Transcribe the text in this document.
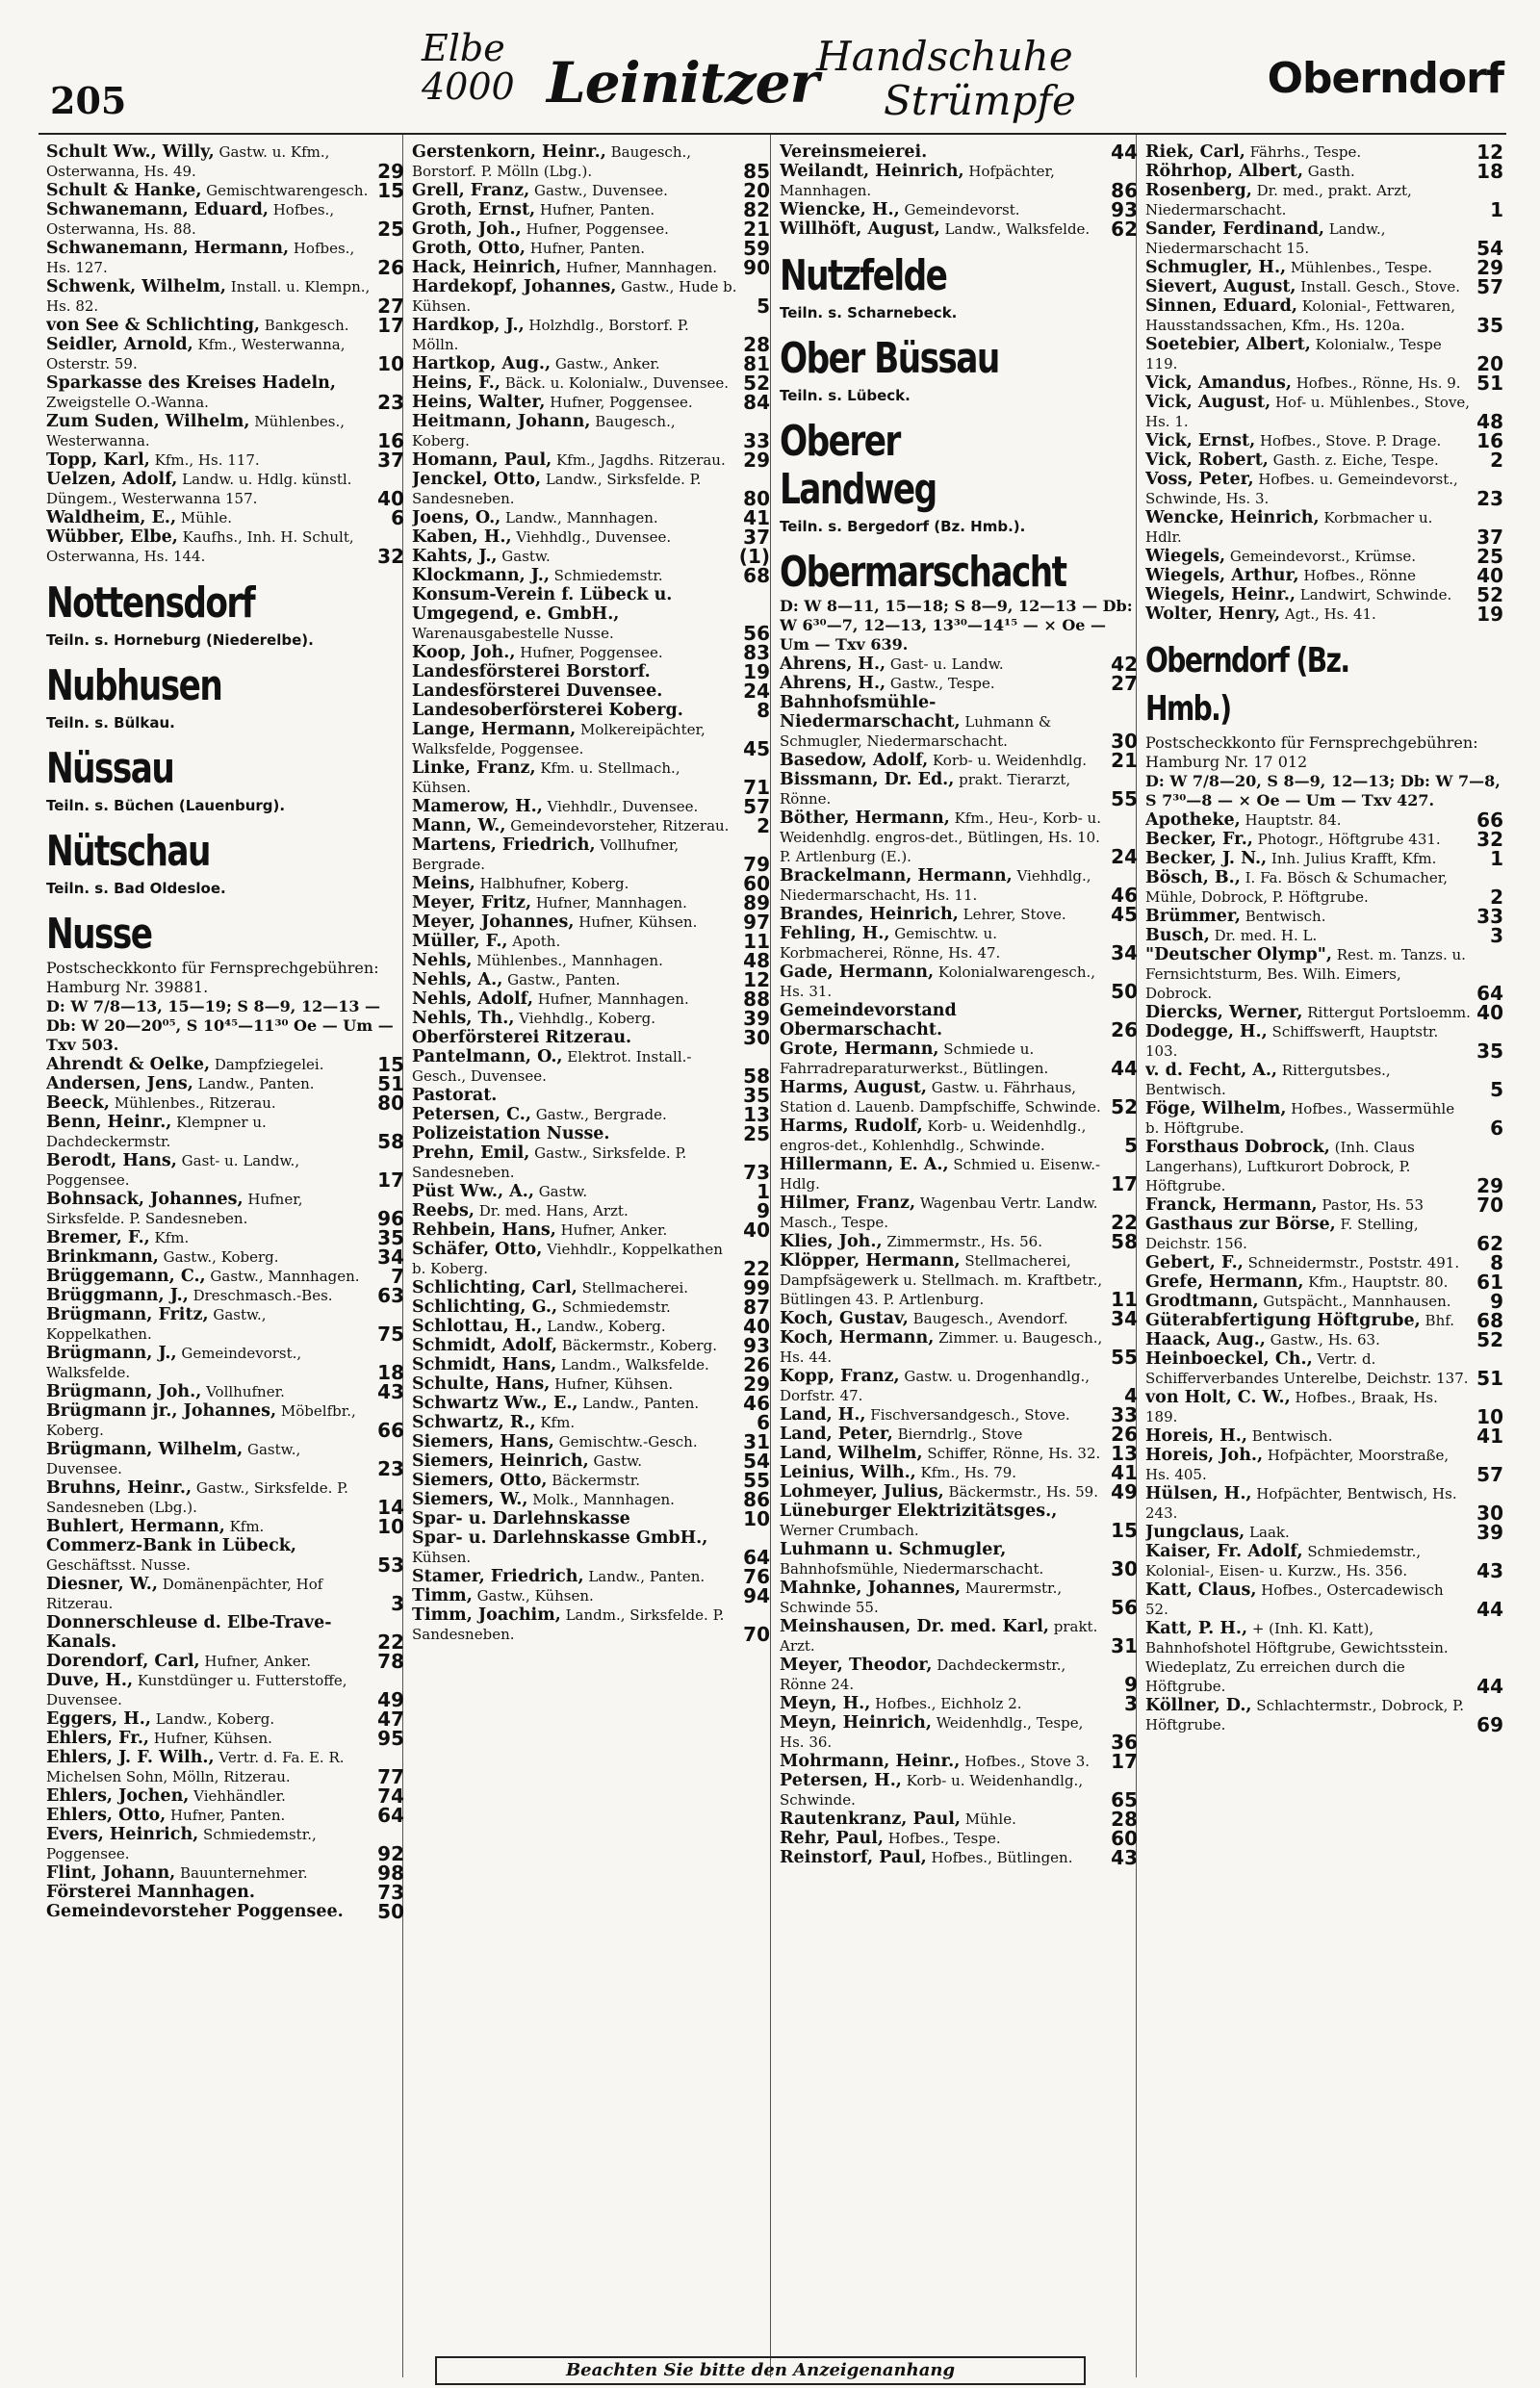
205
Elbe
4000 Leinitzer
Handschuhe
Strümpfe	Oberndorf
Schult Ww., Willy, Gastw. u. Kfm., Osterwanna, Hs. 49.	29
Schult & Hanke, Gemischtwarengesch. 15
Schwanemann, Eduard, Hofbes., Osterwanna, Hs. 88.	25
Schwanemann, Hermann, Hofbes., Hs. 127.	26
Schwenk, Wilhelm, Install. u. Klempn., Hs. 82.	27
von See & Schlichting, Bankgesch. 17
Seidler, Arnold, Kfm., Westerwanna, Osterstr. 59.	10
Sparkasse des Kreises Hadeln, Zweigstelle O.-Wanna.	23
Zum Suden, Wilhelm, Mühlenbes., Westerwanna.	16
Topp, Karl, Kfm., Hs. 117.	37
Uelzen, Adolf, Landw. u. Hdlg. künstl. Düngem., Westerwanna 157.	40
Waldheim, E., Mühle.	6
Wübber, Elbe, Kaufhs., Inh. H. Schult, Osterwanna, Hs. 144.	32
Nottensdorf
Teiln. s. Horneburg (Niederelbe).
Nubhusen
Teiln. s. Bülkau.
Nüssau
Teiln. s. Büchen (Lauenburg).
Nütschau
Teiln. s. Bad Oldesloe.
Nusse
Postscheckkonto für Fernsprechgebühren: Hamburg Nr. 39881.
D: W 7/8—13, 15—19; S 8—9, 12—13 — Db: W 20—20⁰⁵, S 10⁴⁵—11³⁰ Oe — Um — Txv 503.
Ahrendt & Oelke, Dampfziegelei.	15
Andersen, Jens, Landw., Panten.	51
Beeck, Mühlenbes., Ritzerau.	80
Benn, Heinr., Klempner u. Dachdeckermstr.	58
Berodt, Hans, Gast- u. Landw., Poggensee.	17
Bohnsack, Johannes, Hufner, Sirksfelde. P. Sandesneben.	96
Bremer, F., Kfm.	35
Brinkmann, Gastw., Koberg.	34
Brüggemann, C., Gastw., Mannhagen. 7
Brüggmann, J., Dreschmasch.-Bes. 63
Brügmann, Fritz, Gastw., Koppelkathen.	75
Brügmann, J., Gemeindevorst., Walksfelde.	18
Brügmann, Joh., Vollhufner.	43
Brügmann jr., Johannes, Möbelfbr., Koberg.	66
Brügmann, Wilhelm, Gastw., Duvensee.	23
Bruhns, Heinr., Gastw., Sirksfelde. P. Sandesneben (Lbg.).	14
Buhlert, Hermann, Kfm.	10
Commerz-Bank in Lübeck, Geschäftsst. Nusse.	53
Diesner, W., Domänenpächter, Hof Ritzerau.	3
Donnerschleuse d. Elbe-Trave-Kanals.	22
Dorendorf, Carl, Hufner, Anker.	78
Duve, H., Kunstdünger u. Futterstoffe, Duvensee.	49
Eggers, H., Landw., Koberg.	47
Ehlers, Fr., Hufner, Kühsen.	95
Ehlers, J. F. Wilh., Vertr. d. Fa. E. R. Michelsen Sohn, Mölln, Ritzerau.	77
Ehlers, Jochen, Viehhändler.	74
Ehlers, Otto, Hufner, Panten.	64
Evers, Heinrich, Schmiedemstr., Poggensee.	92
Flint, Johann, Bauunternehmer.	98
Försterei Mannhagen.	73
Gemeindevorsteher Poggensee. 50
Gerstenkorn, Heinr., Baugesch., Borstorf. P. Mölln (Lbg.).	85
Grell, Franz, Gastw., Duvensee.	20
Groth, Ernst, Hufner, Panten.	82
Groth, Joh., Hufner, Poggensee.	21
Groth, Otto, Hufner, Panten.	59
Hack, Heinrich, Hufner, Mannhagen. 90
Hardekopf, Johannes, Gastw., Hude b. Kühsen.	5
Hardkop, J., Holzhdlg., Borstorf. P. Mölln.	28
Hartkop, Aug., Gastw., Anker.	81
Heins, F., Bäck. u. Kolonialw., Duvensee. 52
Heins, Walter, Hufner, Poggensee.	84
Heitmann, Johann, Baugesch., Koberg.	33
Homann, Paul, Kfm., Jagdhs. Ritzerau. 29
Jenckel, Otto, Landw., Sirksfelde. P. Sandesneben.	80
Joens, O., Landw., Mannhagen.	41
Kaben, H., Viehhdlg., Duvensee.	37
Kahts, J., Gastw.	(1)
Klockmann, J., Schmiedemstr.	68
Konsum-Verein f. Lübeck u. Umgegend, e. GmbH., Warenausgabestelle Nusse.	56
Koop, Joh., Hufner, Poggensee.	83
Landesförsterei Borstorf.	19
Landesförsterei Duvensee.	24
Landesoberförsterei Koberg.	8
Lange, Hermann, Molkereipächter, Walksfelde, Poggensee.	45
Linke, Franz, Kfm. u. Stellmach., Kühsen.	71
Mamerow, H., Viehhdlr., Duvensee. 57
Mann, W., Gemeindevorsteher, Ritzerau. 2
Martens, Friedrich, Vollhufner, Bergrade.	79
Meins, Halbhufner, Koberg.	60
Meyer, Fritz, Hufner, Mannhagen.	89
Meyer, Johannes, Hufner, Kühsen. 97
Müller, F., Apoth.	11
Nehls, Mühlenbes., Mannhagen.	48
Nehls, A., Gastw., Panten.	12
Nehls, Adolf, Hufner, Mannhagen.	88
Nehls, Th., Viehhdlg., Koberg.	39
Oberförsterei Ritzerau.	30
Pantelmann, O., Elektrot. Install.-Gesch., Duvensee.	58
Pastorat.	35
Petersen, C., Gastw., Bergrade.	13
Polizeistation Nusse.	25
Prehn, Emil, Gastw., Sirksfelde. P. Sandesneben.	73
Püst Ww., A., Gastw.	1
Reebs, Dr. med. Hans, Arzt.	9
Rehbein, Hans, Hufner, Anker.	40
Schäfer, Otto, Viehhdlr., Koppelkathen b. Koberg.	22
Schlichting, Carl, Stellmacherei.	99
Schlichting, G., Schmiedemstr.	87
Schlottau, H., Landw., Koberg.	40
Schmidt, Adolf, Bäckermstr., Koberg. 93
Schmidt, Hans, Landm., Walksfelde. 26
Schulte, Hans, Hufner, Kühsen.	29
Schwartz Ww., E., Landw., Panten. 46
Schwartz, R., Kfm.	6
Siemers, Hans, Gemischtw.-Gesch. 31
Siemers, Heinrich, Gastw.	54
Siemers, Otto, Bäckermstr.	55
Siemers, W., Molk., Mannhagen.	86
Spar- u. Darlehnskasse	10
Spar- u. Darlehnskasse GmbH., Kühsen.	64
Stamer, Friedrich, Landw., Panten. 76
Timm, Gastw., Kühsen.	94
Timm, Joachim, Landm., Sirksfelde. P. Sandesneben.	70
Vereinsmeierei.	44
Weilandt, Heinrich, Hofpächter, Mannhagen.	86
Wiencke, H., Gemeindevorst.	93
Willhöft, August, Landw., Walksfelde. 62
Nutzfelde
Teiln. s. Scharnebeck.
Ober Büssau
Teiln. s. Lübeck.
Oberer Landweg
Teiln. s. Bergedorf (Bz. Hmb.).
Obermarschacht
D: W 8—11, 15—18; S 8—9, 12—13 — Db: W 6³⁰—7, 12—13, 13³⁰—14¹⁵ — × Oe — Um — Txv 639.
Ahrens, H., Gast- u. Landw.	42
Ahrens, H., Gastw., Tespe.	27
Bahnhofsmühle-Niedermarschacht, Luhmann & Schmugler, Niedermarschacht.	30
Basedow, Adolf, Korb- u. Weidenhdlg. 21
Bissmann, Dr. Ed., prakt. Tierarzt, Rönne.	55
Böther, Hermann, Kfm., Heu-, Korb- u. Weidenhdlg. engros-det., Bütlingen, Hs. 10. P. Artlenburg (E.).	24
Brackelmann, Hermann, Viehhdlg., Niedermarschacht, Hs. 11.	46
Brandes, Heinrich, Lehrer, Stove. 45
Fehling, H., Gemischtw. u. Korbmacherei, Rönne, Hs. 47.	34
Gade, Hermann, Kolonialwarengesch., Hs. 31.	50
Gemeindevorstand Obermarschacht.	26
Grote, Hermann, Schmiede u. Fahrradreparaturwerkst., Bütlingen.	44
Harms, August, Gastw. u. Fährhaus, Station d. Lauenb. Dampfschiffe, Schwinde. 52
Harms, Rudolf, Korb- u. Weidenhdlg., engros-det., Kohlenhdlg., Schwinde.	5
Hillermann, E. A., Schmied u. Eisenw.-Hdlg.	17
Hilmer, Franz, Wagenbau Vertr. Landw. Masch., Tespe.	22
Klies, Joh., Zimmermstr., Hs. 56.	58
Klöpper, Hermann, Stellmacherei, Dampfsägewerk u. Stellmach. m. Kraftbetr., Bütlingen 43. P. Artlenburg.	11
Koch, Gustav, Baugesch., Avendorf. 34
Koch, Hermann, Zimmer. u. Baugesch., Hs. 44.	55
Kopp, Franz, Gastw. u. Drogenhandlg., Dorfstr. 47.	4
Land, H., Fischversandgesch., Stove. 33
Land, Peter, Bierndrlg., Stove	26
Land, Wilhelm, Schiffer, Rönne, Hs. 32. 13
Leinius, Wilh., Kfm., Hs. 79.	41
Lohmeyer, Julius, Bäckermstr., Hs. 59. 49
Lüneburger Elektrizitätsges., Werner Crumbach.	15
Luhmann u. Schmugler, Bahnhofsmühle, Niedermarschacht.	30
Mahnke, Johannes, Maurermstr., Schwinde 55.	56
Meinshausen, Dr. med. Karl, prakt. Arzt.	31
Meyer, Theodor, Dachdeckermstr., Rönne 24.	9
Meyn, H., Hofbes., Eichholz 2.	3
Meyn, Heinrich, Weidenhdlg., Tespe, Hs. 36.	36
Mohrmann, Heinr., Hofbes., Stove 3. 17
Petersen, H., Korb- u. Weidenhandlg., Schwinde.	65
Rautenkranz, Paul, Mühle.	28
Rehr, Paul, Hofbes., Tespe.	60
Reinstorf, Paul, Hofbes., Bütlingen. 43
Riek, Carl, Fährhs., Tespe.	12
Röhrhop, Albert, Gasth.	18
Rosenberg, Dr. med., prakt. Arzt, Niedermarschacht.	1
Sander, Ferdinand, Landw., Niedermarschacht 15.	54
Schmugler, H., Mühlenbes., Tespe. 29
Sievert, August, Install. Gesch., Stove. 57
Sinnen, Eduard, Kolonial-, Fettwaren, Hausstandssachen, Kfm., Hs. 120a.	35
Soetebier, Albert, Kolonialw., Tespe 119.	20
Vick, Amandus, Hofbes., Rönne, Hs. 9. 51
Vick, August, Hof- u. Mühlenbes., Stove, Hs. 1.	48
Vick, Ernst, Hofbes., Stove. P. Drage. 16
Vick, Robert, Gasth. z. Eiche, Tespe.	2
Voss, Peter, Hofbes. u. Gemeindevorst., Schwinde, Hs. 3.	23
Wencke, Heinrich, Korbmacher u. Hdlr.	37
Wiegels, Gemeindevorst., Krümse.	25
Wiegels, Arthur, Hofbes., Rönne	40
Wiegels, Heinr., Landwirt, Schwinde. 52
Wolter, Henry, Agt., Hs. 41.	19
Oberndorf (Bz. Hmb.)
Postscheckkonto für Fernsprechgebühren: Hamburg Nr. 17 012
D: W 7/8—20, S 8—9, 12—13; Db: W 7—8, S 7³⁰—8 — × Oe — Um — Txv 427.
Apotheke, Hauptstr. 84.	66
Becker, Fr., Photogr., Höftgrube 431. 32
Becker, J. N., Inh. Julius Krafft, Kfm.	1
Bösch, B., I. Fa. Bösch & Schumacher, Mühle, Dobrock, P. Höftgrube.	2
Brümmer, Bentwisch.	33
Busch, Dr. med. H. L.	3
"Deutscher Olymp", Rest. m. Tanzs. u. Fernsichtsturm, Bes. Wilh. Eimers, Dobrock.	64
Diercks, Werner, Rittergut Portsloemm. 40
Dodegge, H., Schiffswerft, Hauptstr. 103.	35
v. d. Fecht, A., Rittergutsbes., Bentwisch.	5
Föge, Wilhelm, Hofbes., Wassermühle b. Höftgrube.	6
Forsthaus Dobrock, (Inh. Claus Langerhans), Luftkurort Dobrock, P. Höftgrube.	29
Franck, Hermann, Pastor, Hs. 53	70
Gasthaus zur Börse, F. Stelling, Deichstr. 156.	62
Gebert, F., Schneidermstr., Poststr. 491. 8
Grefe, Hermann, Kfm., Hauptstr. 80. 61
Grodtmann, Gutspächt., Mannhausen. 9
Güterabfertigung Höftgrube, Bhf. 68
Haack, Aug., Gastw., Hs. 63.	52
Heinboeckel, Ch., Vertr. d. Schifferverbandes Unterelbe, Deichstr. 137. 51
von Holt, C. W., Hofbes., Braak, Hs. 189.	10
Horeis, H., Bentwisch.	41
Horeis, Joh., Hofpächter, Moorstraße, Hs. 405.	57
Hülsen, H., Hofpächter, Bentwisch, Hs. 243.	30
Jungclaus, Laak.	39
Kaiser, Fr. Adolf, Schmiedemstr., Kolonial-, Eisen- u. Kurzw., Hs. 356.	43
Katt, Claus, Hofbes., Ostercadewisch 52.	44
Katt, P. H., + (Inh. Kl. Katt), Bahnhofshotel Höftgrube, Gewichtsstein. Wiedeplatz, Zu erreichen durch die Höftgrube.	44
Köllner, D., Schlachtermstr., Dobrock, P. Höftgrube.	69
Beachten Sie bitte den Anzeigenanhang
